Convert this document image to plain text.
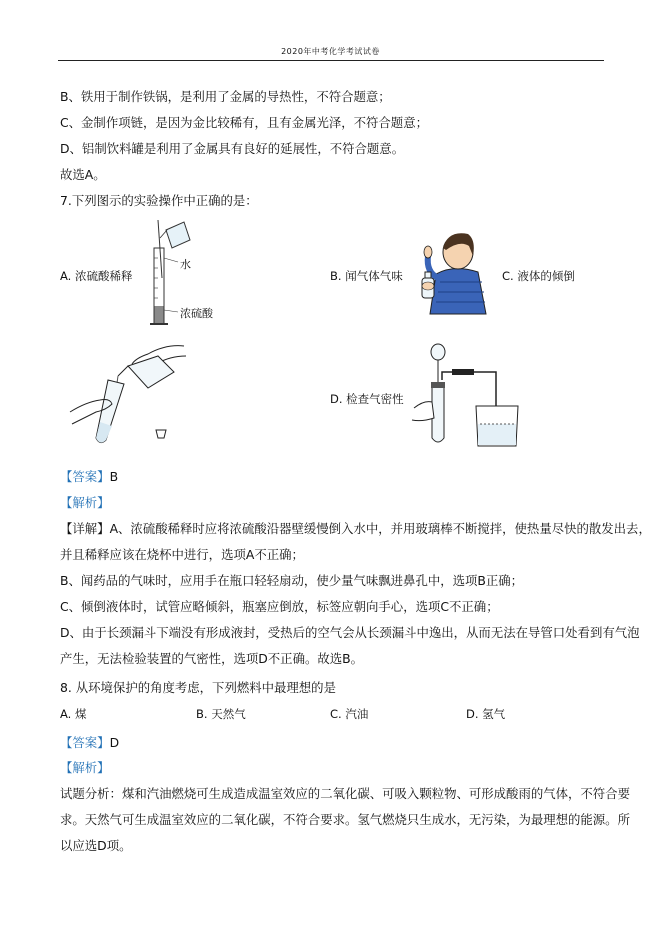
2020年中考化学考试试卷
B、铁用于制作铁锅，是利用了金属的导热性，不符合题意；
C、金制作项链，是因为金比较稀有，且有金属光泽，不符合题意；
D、铝制饮料罐是利用了金属具有良好的延展性，不符合题意。
故选A。
7.下列图示的实验操作中正确的是：
A. 浓硫酸稀释
水
浓硫酸
B. 闻气体气味	C. 液体的倾倒
D. 检查气密性
【答案】B
【解析】
【详解】A、浓硫酸稀释时应将浓硫酸沿器壁缓慢倒入水中，并用玻璃棒不断搅拌，使热量尽快的散发出去，
并且稀释应该在烧杯中进行，选项A不正确；
B、闻药品的气味时，应用手在瓶口轻轻扇动，使少量气味飘进鼻孔中，选项B正确；
C、倾倒液体时，试管应略倾斜，瓶塞应倒放，标签应朝向手心，选项C不正确；
D、由于长颈漏斗下端没有形成液封，受热后的空气会从长颈漏斗中逸出，从而无法在导管口处看到有气泡
产生，无法检验装置的气密性，选项D不正确。故选B。
8. 从环境保护的角度考虑，下列燃料中最理想的是
A. 煤	B. 天然气	C. 汽油	D. 氢气
【答案】D
【解析】
试题分析：煤和汽油燃烧可生成造成温室效应的二氧化碳、可吸入颗粒物、可形成酸雨的气体，不符合要
求。天然气可生成温室效应的二氧化碳，不符合要求。氢气燃烧只生成水，无污染，为最理想的能源。所
以应选D项。
